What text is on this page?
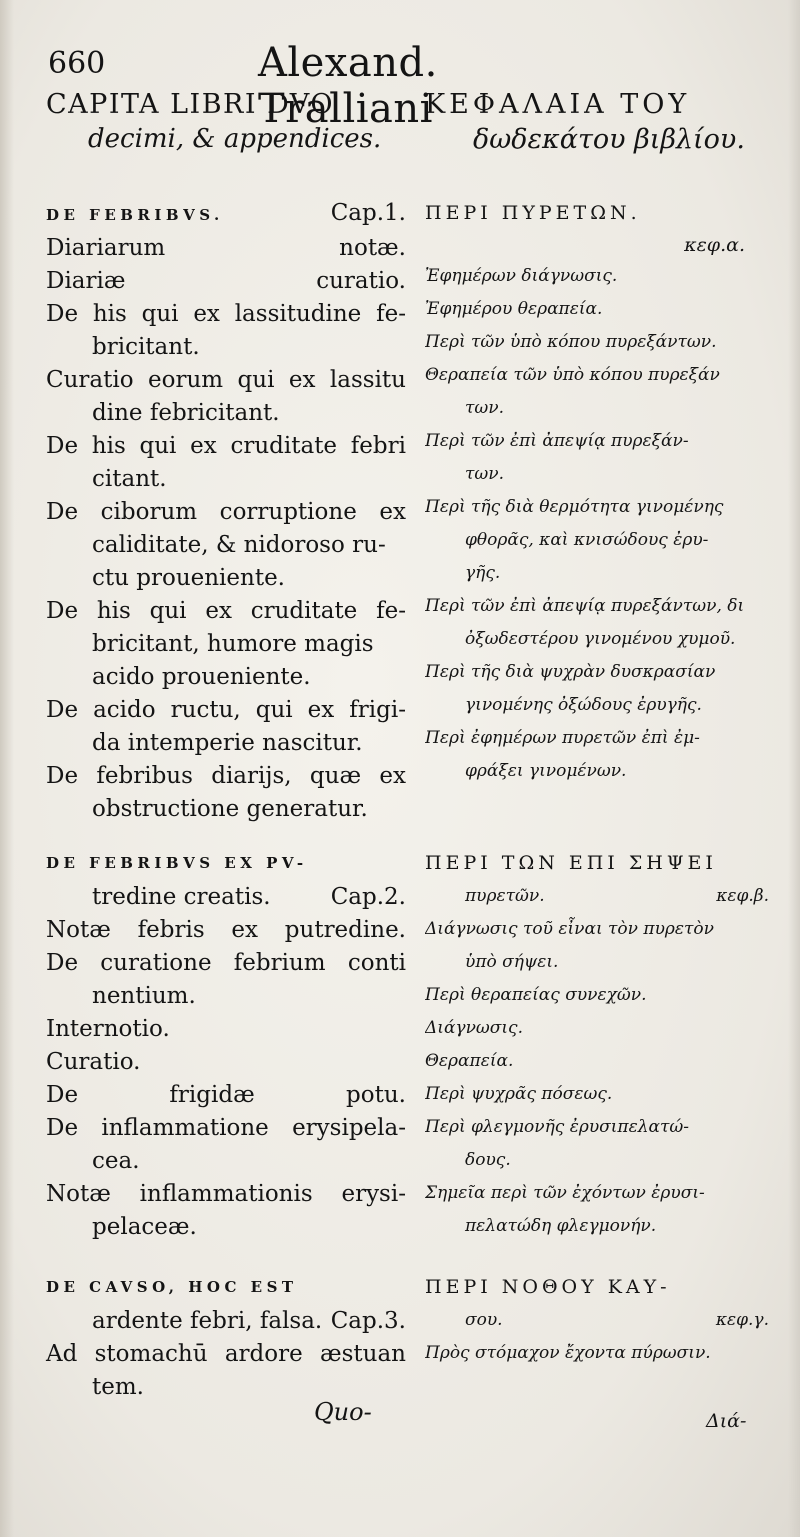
660	Alexand. Tralliani
CAPITA LIBRI DVO
decimi, & appendices.
DE FEBRIBVS.	Cap.1.
Diariarum notæ.
Diariæ curatio.
De his qui ex lassitudine fe-
bricitant.
Curatio eorum qui ex lassitu
dine febricitant.
De his qui ex cruditate febri
citant.
De ciborum corruptione ex
caliditate, & nidoroso ru-
ctu proueniente.
De his qui ex cruditate fe-
bricitant, humore magis
acido proueniente.
De acido ructu, qui ex frigi-
da intemperie nascitur.
De febribus diarijs, quæ ex
obstructione generatur.
DE FEBRIBVS EX PV-
tredine creatis.	Cap.2.
Notæ febris ex putredine.
De curatione febrium conti
nentium.
Internotio.
Curatio.
De frigidæ potu.
De inflammatione erysipela-
cea.
Notæ inflammationis erysi-
pelaceæ.
DE CAVSO, HOC EST
ardente febri, falsa. Cap.3.
Ad stomachū ardore æstuan
tem.
ΚΕΦΑΛΑΙΑ ΤΟΥ
δωδεκάτου βιβλίου.
ΠΕΡΙ ΠΥΡΕΤΩΝ.
κεφ.α.
Ἐφημέρων διάγνωσις.
Ἐφημέρου θεραπεία.
Περὶ τῶν ὑπὸ κόπου πυρεξάντων.
Θεραπεία τῶν ὑπὸ κόπου πυρεξάν
των.
Περὶ τῶν ἐπὶ ἀπεψίᾳ πυρεξάν-
των.
Περὶ τῆς διὰ θερμότητα γινομένης
φθορᾶς, καὶ κνισώδους ἐρυ-
γῆς.
Περὶ τῶν ἐπὶ ἀπεψίᾳ πυρεξάντων, δι
ὀξωδεστέρου γινομένου χυμοῦ.
Περὶ τῆς διὰ ψυχρὰν δυσκρασίαν
γινομένης ὀξώδους ἐρυγῆς.
Περὶ ἐφημέρων πυρετῶν ἐπὶ ἐμ-
φράξει γινομένων.
ΠΕΡΙ ΤΩΝ ΕΠΙ ΣΗΨΕΙ
πυρετῶν.	κεφ.β.
Διάγνωσις τοῦ εἶναι τὸν πυρετὸν
ὑπὸ σήψει.
Περὶ θεραπείας συνεχῶν.
Διάγνωσις.
Θεραπεία.
Περὶ ψυχρᾶς πόσεως.
Περὶ φλεγμονῆς ἐρυσιπελατώ-
δους.
Σημεῖα περὶ τῶν ἐχόντων ἐρυσι-
πελατώδη φλεγμονήν.
ΠΕΡΙ ΝΟΘΟΥ ΚΑΥ-
σου.	κεφ.γ.
Πρὸς στόμαχον ἔχοντα πύρωσιν.
Quo-	Διά-
